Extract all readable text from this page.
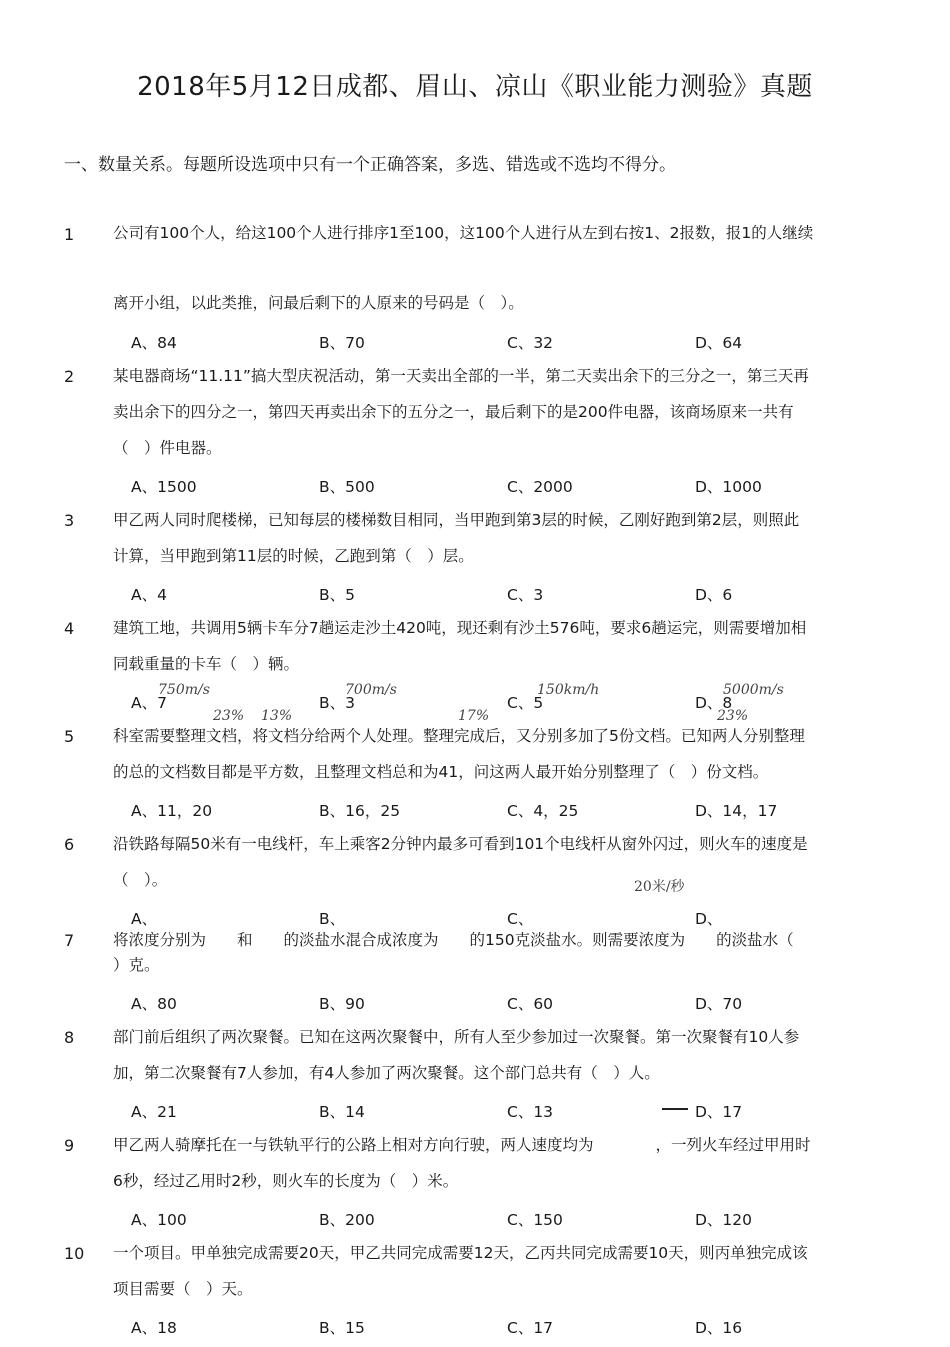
2018年5月12日成都、眉山、凉山《职业能力测验》真题
一、数量关系。每题所设选项中只有一个正确答案，多选、错选或不选均不得分。
1	公司有100个人，给这100个人进行排序1至100，这100个人进行从左到右按1、2报数，报1的人继续
离开小组，以此类推，问最后剩下的人原来的号码是（　）。
A、84	B、70	C、32	D、64
2	某电器商场“11.11”搞大型庆祝活动，第一天卖出全部的一半，第二天卖出余下的三分之一，第三天再
卖出余下的四分之一，第四天再卖出余下的五分之一，最后剩下的是200件电器，该商场原来一共有
（　）件电器。
A、1500	B、500	C、2000	D、1000
3	甲乙两人同时爬楼梯，已知每层的楼梯数目相同，当甲跑到第3层的时候，乙刚好跑到第2层，则照此
计算，当甲跑到第11层的时候，乙跑到第（　）层。
A、4	B、5	C、3	D、6
4	建筑工地，共调用5辆卡车分7趟运走沙土420吨，现还剩有沙土576吨，要求6趟运完，则需要增加相
同载重量的卡车（　）辆。
A、7	B、3	C、5	D、8
750m/s	700m/s	150km/h	5000m/s
23% 13%	17%	23%
5	科室需要整理文档，将文档分给两个人处理。整理完成后，又分别多加了5份文档。已知两人分别整理
的总的文档数目都是平方数，且整理文档总和为41，问这两人最开始分别整理了（　）份文档。
A、11，20	B、16，25	C、4，25	D、14，17
6	沿铁路每隔50米有一电线杆，车上乘客2分钟内最多可看到101个电线杆从窗外闪过，则火车的速度是
（　）。	20米/秒
A、	B、	C、	D、
7	将浓度分别为　　和　　的淡盐水混合成浓度为　　的150克淡盐水。则需要浓度为　　的淡盐水（
）克。
A、80	B、90	C、60	D、70
8	部门前后组织了两次聚餐。已知在这两次聚餐中，所有人至少参加过一次聚餐。第一次聚餐有10人参
加，第二次聚餐有7人参加，有4人参加了两次聚餐。这个部门总共有（　）人。
A、21	B、14	C、13	D、17
9	甲乙两人骑摩托在一与铁轨平行的公路上相对方向行驶，两人速度均为　　　　，一列火车经过甲用时
6秒，经过乙用时2秒，则火车的长度为（　）米。
A、100	B、200	C、150	D、120
10 一个项目。甲单独完成需要20天，甲乙共同完成需要12天，乙丙共同完成需要10天，则丙单独完成该
项目需要（　）天。
A、18	B、15	C、17	D、16
